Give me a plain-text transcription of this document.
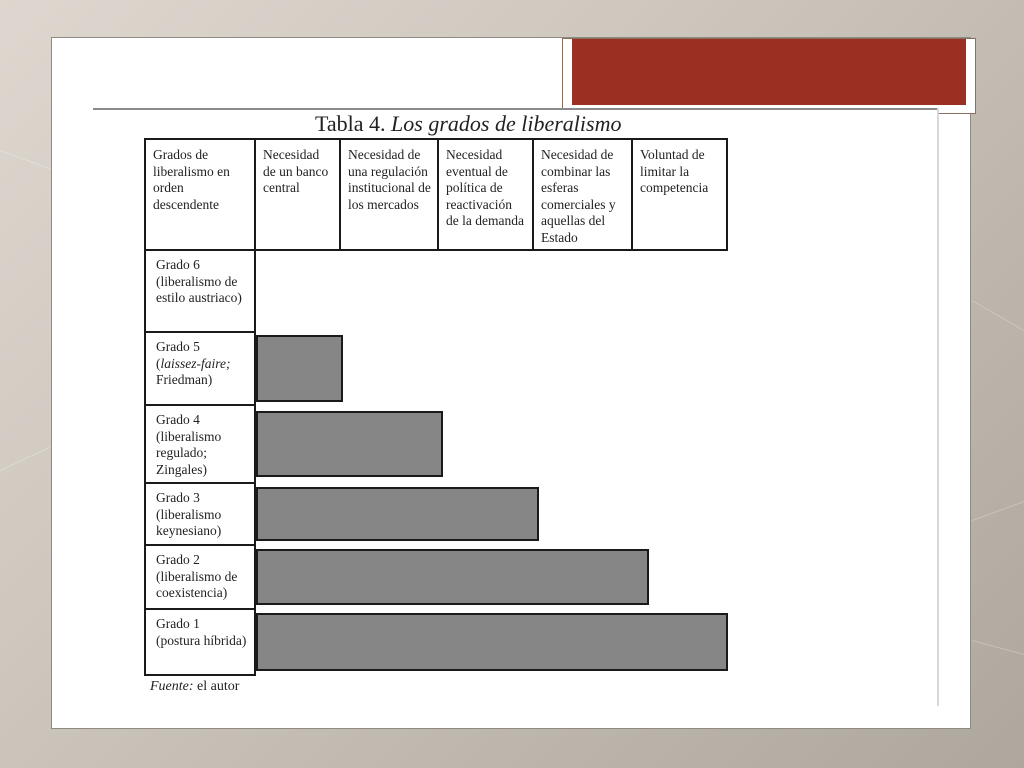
Tabla 4. Los grados de liberalismo
Grados de liberalismo en orden descendente
Necesidad de un banco central
Necesidad de una regulación institucional de los mercados
Necesidad eventual de política de reactivación de la demanda
Necesidad de combinar las esferas comerciales y aquellas del Estado
Voluntad de limitar la competencia
Grado 6
(liberalismo de estilo austriaco)
Grado 5
(laissez-faire; Friedman)
Grado 4
(liberalismo regulado; Zingales)
Grado 3
(liberalismo keynesiano)
Grado 2
(liberalismo de coexistencia)
Grado 1
(postura híbrida)
Fuente: el autor
